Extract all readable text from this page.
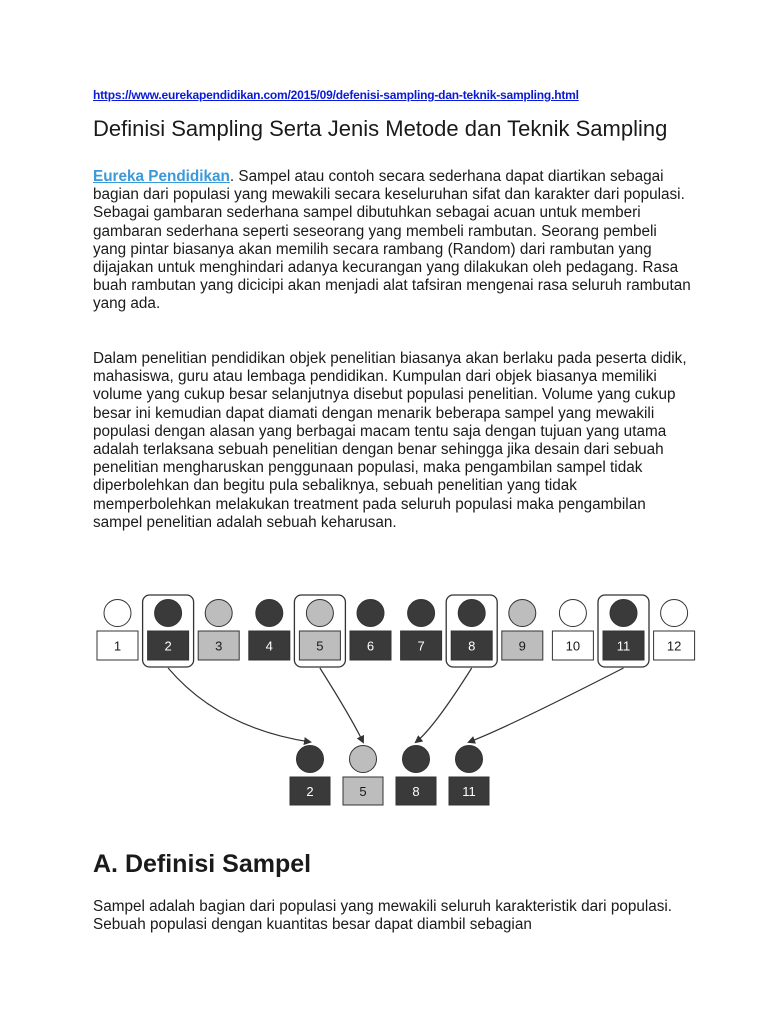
https://www.eurekapendidikan.com/2015/09/defenisi-sampling-dan-teknik-sampling.html
Definisi Sampling Serta Jenis Metode dan Teknik Sampling

Eureka Pendidikan. Sampel atau contoh secara sederhana dapat diartikan sebagai bagian dari populasi yang mewakili secara keseluruhan sifat dan karakter dari populasi. Sebagai gambaran sederhana sampel dibutuhkan sebagai acuan untuk memberi gambaran sederhana seperti seseorang yang membeli rambutan. Seorang pembeli yang pintar biasanya akan memilih secara rambang (Random) dari rambutan yang dijajakan untuk menghindari adanya kecurangan yang dilakukan oleh pedagang. Rasa buah rambutan yang dicicipi akan menjadi alat tafsiran mengenai rasa seluruh rambutan yang ada.

Dalam penelitian pendidikan objek penelitian biasanya akan berlaku pada peserta didik, mahasiswa, guru atau lembaga pendidikan. Kumpulan dari objek biasanya memiliki volume yang cukup besar selanjutnya disebut populasi penelitian. Volume yang cukup besar ini kemudian dapat diamati dengan menarik beberapa sampel yang mewakili populasi dengan alasan yang berbagai macam tentu saja dengan tujuan yang utama adalah terlaksana sebuah penelitian dengan benar sehingga jika desain dari sebuah penelitian mengharuskan penggunaan populasi, maka pengambilan sampel tidak diperbolehkan dan begitu pula sebaliknya, sebuah penelitian yang tidak memperbolehkan melakukan treatment pada seluruh populasi maka pengambilan sampel penelitian adalah sebuah keharusan.

1	2	3	4	5	6	7	8	9	10	11	12
2	5	8	11
A. Definisi Sampel

Sampel adalah bagian dari populasi yang mewakili seluruh karakteristik dari populasi. Sebuah populasi dengan kuantitas besar dapat diambil sebagian
